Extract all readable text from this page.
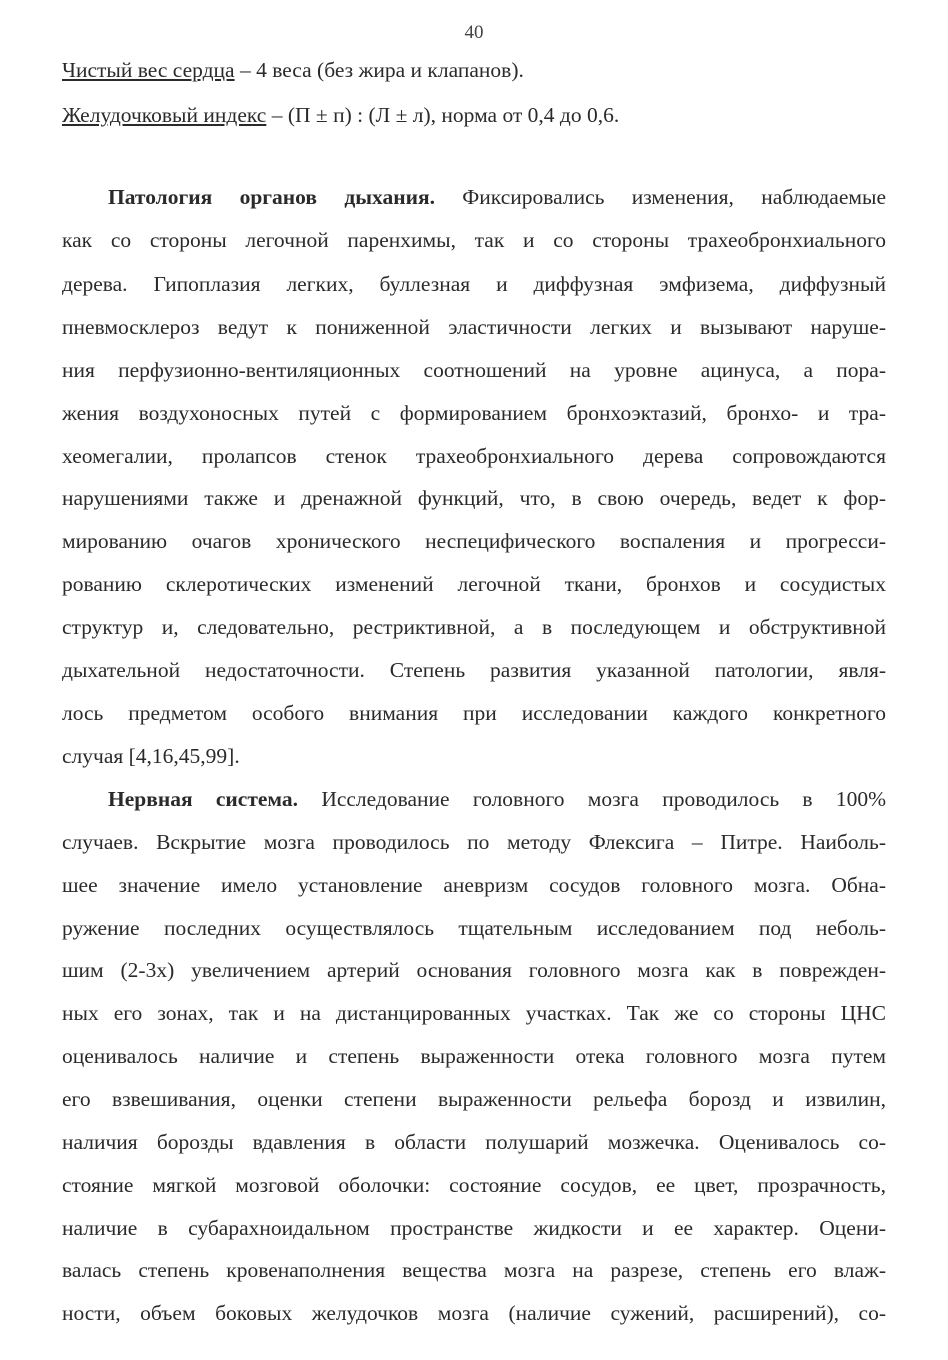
40
Чистый вес сердца – 4 веса (без жира и клапанов).
Желудочковый индекс – (П ± п) : (Л ± л), норма от 0,4 до 0,6.
Патология органов дыхания. Фиксировались изменения, наблюдаемые
как со стороны легочной паренхимы, так и со стороны трахеобронхиального
дерева. Гипоплазия легких, буллезная и диффузная эмфизема, диффузный
пневмосклероз ведут к пониженной эластичности легких и вызывают наруше-
ния перфузионно-вентиляционных соотношений на уровне ацинуса, а пора-
жения воздухоносных путей с формированием бронхоэктазий, бронхо- и тра-
хеомегалии, пролапсов стенок трахеобронхиального дерева сопровождаются
нарушениями также и дренажной функций, что, в свою очередь, ведет к фор-
мированию очагов хронического неспецифического воспаления и прогресси-
рованию склеротических изменений легочной ткани, бронхов и сосудистых
структур и, следовательно, рестриктивной, а в последующем и обструктивной
дыхательной недостаточности. Степень развития указанной патологии, явля-
лось предметом особого внимания при исследовании каждого конкретного
случая [4,16,45,99].
Нервная система. Исследование головного мозга проводилось в 100%
случаев. Вскрытие мозга проводилось по методу Флексига – Питре. Наиболь-
шее значение имело установление аневризм сосудов головного мозга. Обна-
ружение последних осуществлялось тщательным исследованием под неболь-
шим (2-3х) увеличением артерий основания головного мозга как в поврежден-
ных его зонах, так и на дистанцированных участках. Так же со стороны ЦНС
оценивалось наличие и степень выраженности отека головного мозга путем
его взвешивания, оценки степени выраженности рельефа борозд и извилин,
наличия борозды вдавления в области полушарий мозжечка. Оценивалось со-
стояние мягкой мозговой оболочки: состояние сосудов, ее цвет, прозрачность,
наличие в субарахноидальном пространстве жидкости и ее характер. Оцени-
валась степень кровенаполнения вещества мозга на разрезе, степень его влаж-
ности, объем боковых желудочков мозга (наличие сужений, расширений), со-
